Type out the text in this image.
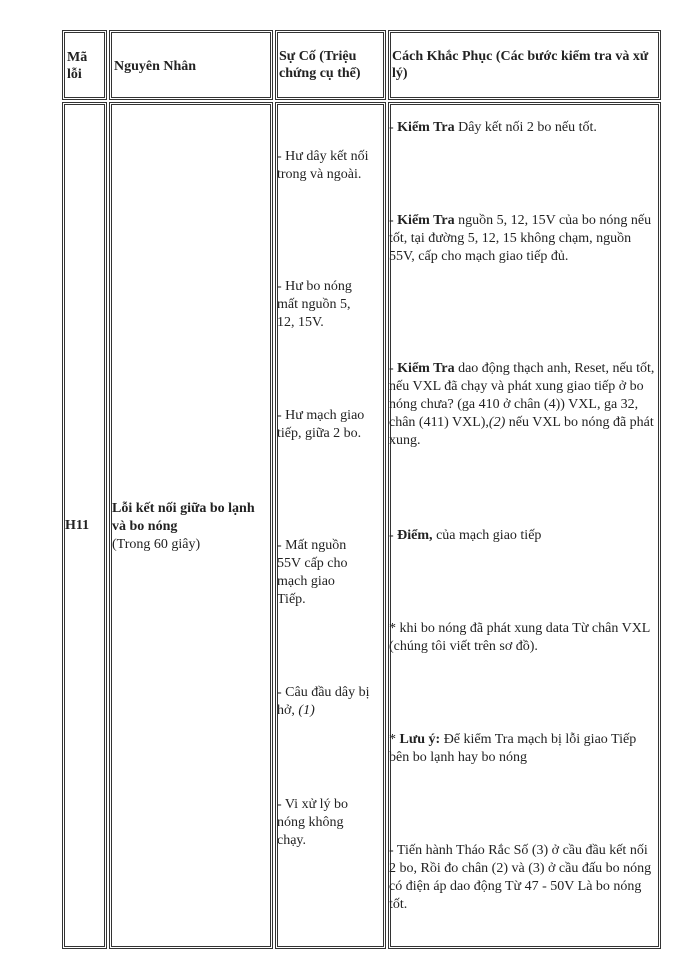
Mã lỗi
Nguyên Nhân
Sự Cố (Triệu chứng cụ thể)
Cách Khắc Phục (Các bước kiểm tra và xử lý)
H11
Lỗi kết nối giữa bo lạnh và bo nóng
(Trong 60 giây)
- Hư dây kết nối trong và ngoài.
- Hư bo nóng mất nguồn 5, 12, 15V.
- Hư mạch giao tiếp, giữa 2 bo.
- Mất nguồn 55V cấp cho mạch giao Tiếp.
- Câu đầu dây bị hở, (1)
- Vi xử lý bo nóng không chạy.
- Kiểm Tra Dây kết nối 2 bo nếu tốt.
- Kiểm Tra nguồn 5, 12, 15V của bo nóng nếu tốt, tại đường 5, 12, 15 không chạm, nguồn 55V, cấp cho mạch giao tiếp đủ.
- Kiểm Tra dao động thạch anh, Reset, nếu tốt, nếu VXL đã chạy và phát xung giao tiếp ở bo nóng chưa? (ga 410 ở chân (4)) VXL, ga 32, chân (411) VXL),(2) nếu VXL bo nóng đã phát xung.
- Điểm, của mạch giao tiếp
* khi bo nóng đã phát xung data Từ chân VXL (chúng tôi viết trên sơ đồ).
* Lưu ý: Để kiểm Tra mạch bị lỗi giao Tiếp bên bo lạnh hay bo nóng
- Tiến hành Tháo Rắc Số (3) ở cầu đầu kết nối 2 bo, Rồi đo chân (2) và (3) ở cầu đấu bo nóng có điện áp dao động Từ 47 - 50V Là bo nóng tốt.
